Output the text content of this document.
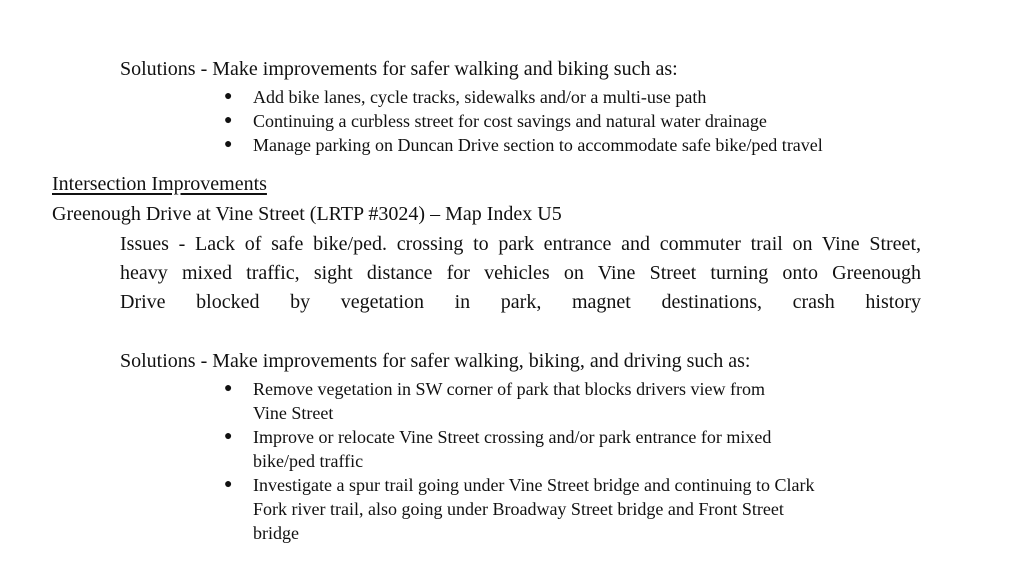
Solutions - Make improvements for safer walking and biking such as:
● Add bike lanes, cycle tracks, sidewalks and/or a multi-use path
● Continuing a curbless street for cost savings and natural water drainage
● Manage parking on Duncan Drive section to accommodate safe bike/ped travel
Intersection Improvements
Greenough Drive at Vine Street (LRTP #3024) – Map Index U5
Issues - Lack of safe bike/ped. crossing to park entrance and commuter trail on Vine Street,
heavy mixed traffic, sight distance for vehicles on Vine Street turning onto Greenough
Drive blocked by vegetation in park, magnet destinations, crash history
Solutions - Make improvements for safer walking, biking, and driving such as:
● Remove vegetation in SW corner of park that blocks drivers view from
Vine Street
● Improve or relocate Vine Street crossing and/or park entrance for mixed
bike/ped traffic
● Investigate a spur trail going under Vine Street bridge and continuing to Clark
Fork river trail, also going under Broadway Street bridge and Front Street
bridge
